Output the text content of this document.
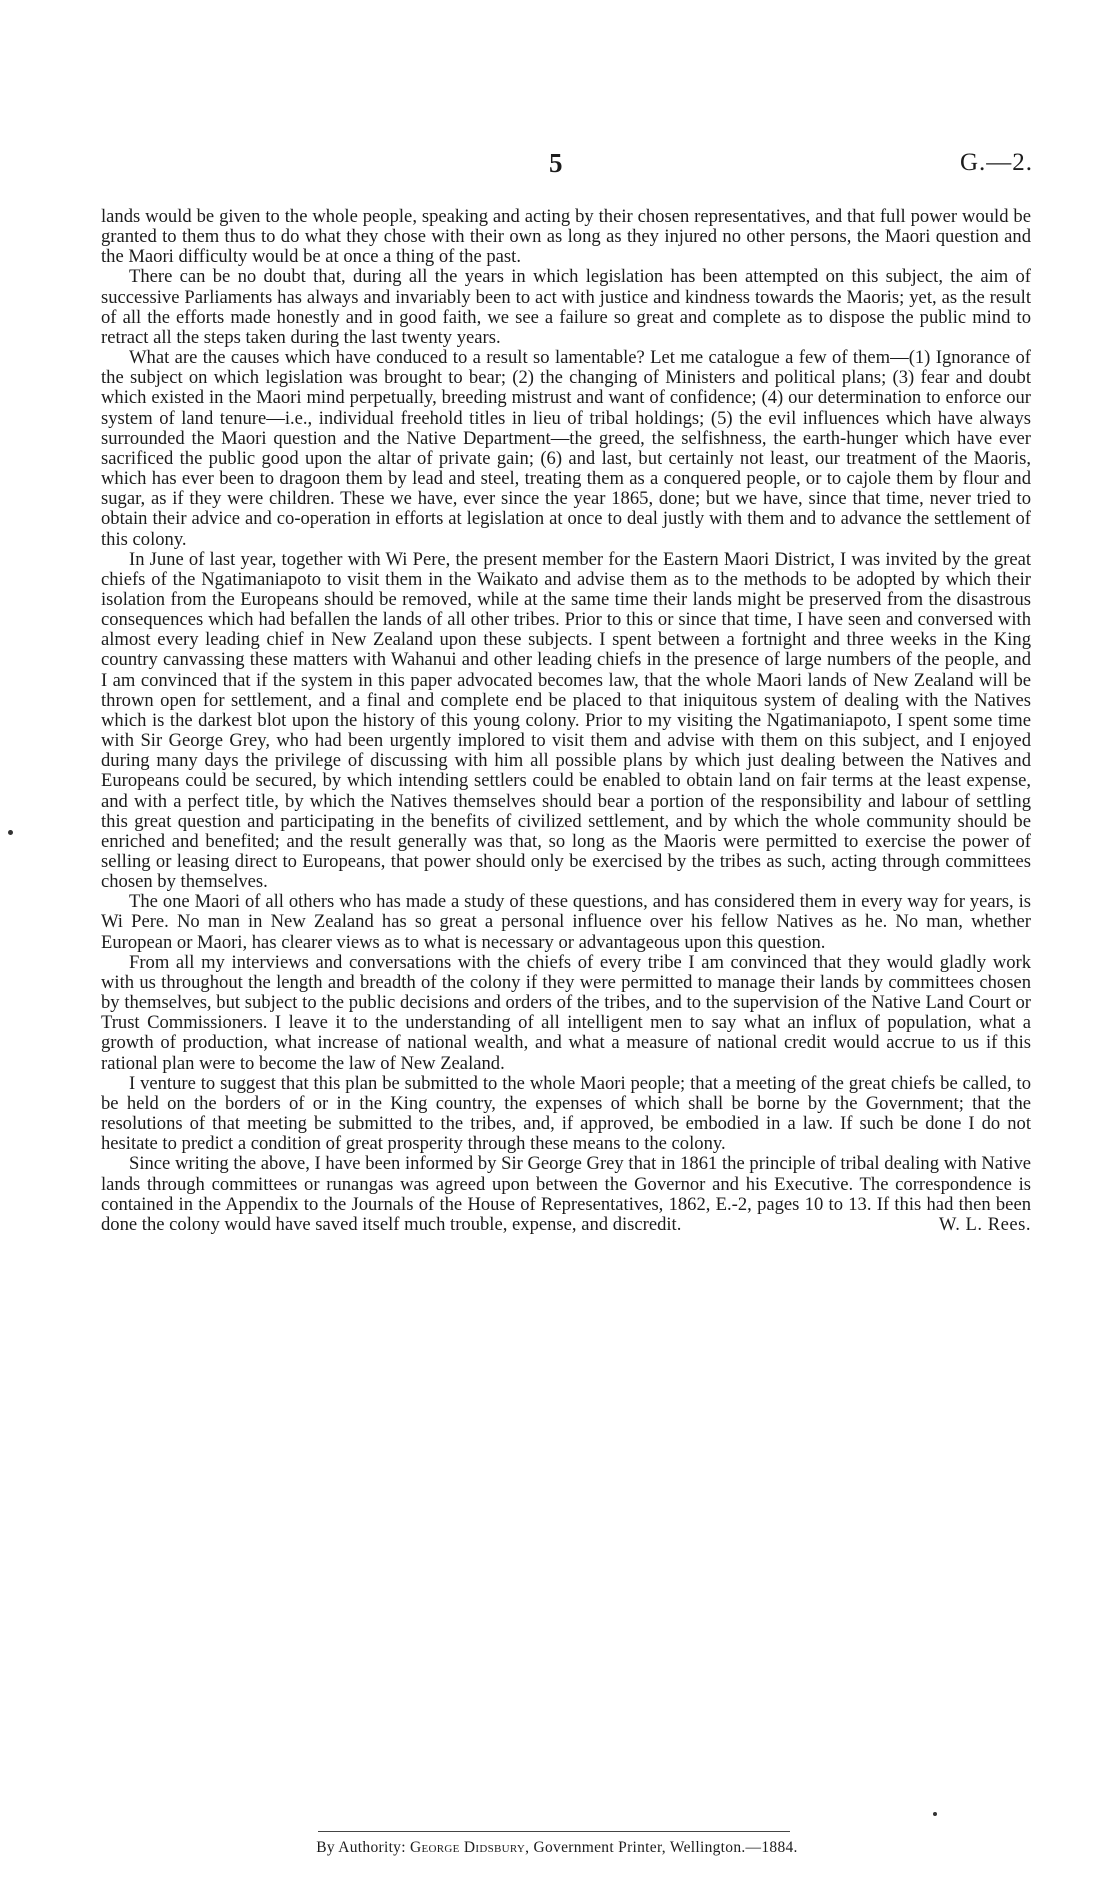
5	G.—2.

lands would be given to the whole people, speaking and acting by their chosen representatives, and that full power would be granted to them thus to do what they chose with their own as long as they injured no other persons, the Maori question and the Maori difficulty would be at once a thing of the past.

There can be no doubt that, during all the years in which legislation has been attempted on this subject, the aim of successive Parliaments has always and invariably been to act with justice and kindness towards the Maoris; yet, as the result of all the efforts made honestly and in good faith, we see a failure so great and complete as to dispose the public mind to retract all the steps taken during the last twenty years.

What are the causes which have conduced to a result so lamentable? Let me catalogue a few of them—(1) Ignorance of the subject on which legislation was brought to bear; (2) the changing of Ministers and political plans; (3) fear and doubt which existed in the Maori mind perpetually, breeding mistrust and want of confidence; (4) our determination to enforce our system of land tenure—i.e., individual freehold titles in lieu of tribal holdings; (5) the evil influences which have always surrounded the Maori question and the Native Department—the greed, the selfishness, the earth-hunger which have ever sacrificed the public good upon the altar of private gain; (6) and last, but certainly not least, our treatment of the Maoris, which has ever been to dragoon them by lead and steel, treating them as a conquered people, or to cajole them by flour and sugar, as if they were children. These we have, ever since the year 1865, done; but we have, since that time, never tried to obtain their advice and co-operation in efforts at legislation at once to deal justly with them and to advance the settlement of this colony.

In June of last year, together with Wi Pere, the present member for the Eastern Maori District, I was invited by the great chiefs of the Ngatimaniapoto to visit them in the Waikato and advise them as to the methods to be adopted by which their isolation from the Europeans should be removed, while at the same time their lands might be preserved from the disastrous consequences which had befallen the lands of all other tribes. Prior to this or since that time, I have seen and conversed with almost every leading chief in New Zealand upon these subjects. I spent between a fortnight and three weeks in the King country canvassing these matters with Wahanui and other leading chiefs in the presence of large numbers of the people, and I am convinced that if the system in this paper advocated becomes law, that the whole Maori lands of New Zealand will be thrown open for settlement, and a final and complete end be placed to that iniquitous system of dealing with the Natives which is the darkest blot upon the history of this young colony. Prior to my visiting the Ngatimaniapoto, I spent some time with Sir George Grey, who had been urgently implored to visit them and advise with them on this subject, and I enjoyed during many days the privilege of discussing with him all possible plans by which just dealing between the Natives and Europeans could be secured, by which intending settlers could be enabled to obtain land on fair terms at the least expense, and with a perfect title, by which the Natives themselves should bear a portion of the responsibility and labour of settling this great question and participating in the benefits of civilized settlement, and by which the whole community should be enriched and benefited; and the result generally was that, so long as the Maoris were permitted to exercise the power of selling or leasing direct to Europeans, that power should only be exercised by the tribes as such, acting through committees chosen by themselves.

The one Maori of all others who has made a study of these questions, and has considered them in every way for years, is Wi Pere. No man in New Zealand has so great a personal influence over his fellow Natives as he. No man, whether European or Maori, has clearer views as to what is necessary or advantageous upon this question.

From all my interviews and conversations with the chiefs of every tribe I am convinced that they would gladly work with us throughout the length and breadth of the colony if they were permitted to manage their lands by committees chosen by themselves, but subject to the public decisions and orders of the tribes, and to the supervision of the Native Land Court or Trust Commissioners. I leave it to the understanding of all intelligent men to say what an influx of population, what a growth of production, what increase of national wealth, and what a measure of national credit would accrue to us if this rational plan were to become the law of New Zealand.

I venture to suggest that this plan be submitted to the whole Maori people; that a meeting of the great chiefs be called, to be held on the borders of or in the King country, the expenses of which shall be borne by the Government; that the resolutions of that meeting be submitted to the tribes, and, if approved, be embodied in a law. If such be done I do not hesitate to predict a condition of great prosperity through these means to the colony.

Since writing the above, I have been informed by Sir George Grey that in 1861 the principle of tribal dealing with Native lands through committees or runangas was agreed upon between the Governor and his Executive. The correspondence is contained in the Appendix to the Journals of the House of Representatives, 1862, E.-2, pages 10 to 13. If this had then been done the colony would have saved itself much trouble, expense, and discredit.	W. L. Rees.

By Authority: George Didsbury, Government Printer, Wellington.—1884.
